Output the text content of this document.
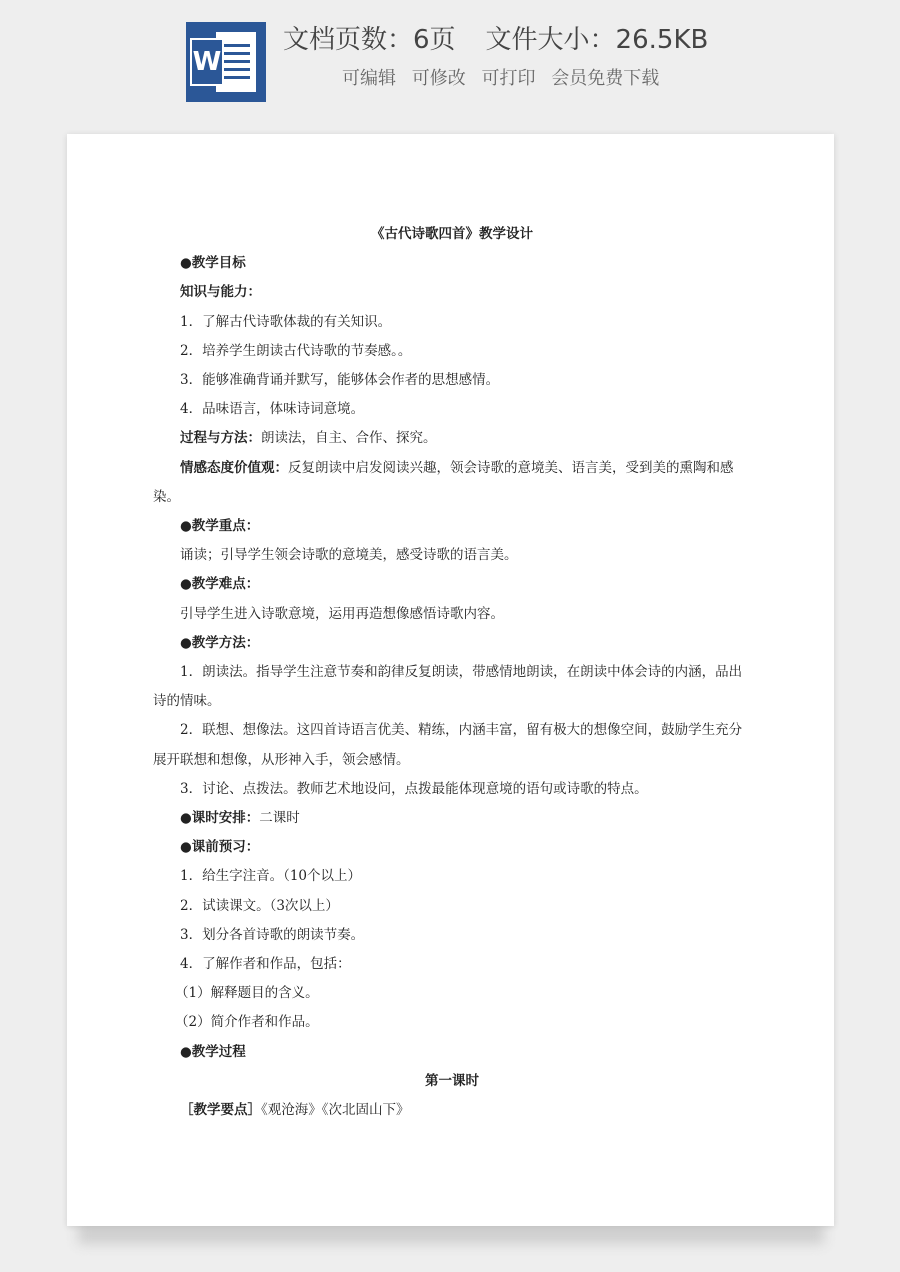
W
文档页数：6页 文件大小：26.5KB
可编辑 可修改 可打印 会员免费下载

《古代诗歌四首》教学设计

●教学目标

知识与能力：

1．了解古代诗歌体裁的有关知识。

2．培养学生朗读古代诗歌的节奏感。。

3．能够准确背诵并默写，能够体会作者的思想感情。

4．品味语言，体味诗词意境。

过程与方法：朗读法，自主、合作、探究。

情感态度价值观：反复朗读中启发阅读兴趣，领会诗歌的意境美、语言美，受到美的熏陶和感染。

●教学重点：

诵读；引导学生领会诗歌的意境美，感受诗歌的语言美。

●教学难点：

引导学生进入诗歌意境，运用再造想像感悟诗歌内容。

●教学方法：

1．朗读法。指导学生注意节奏和韵律反复朗读，带感情地朗读，在朗读中体会诗的内涵，品出诗的情味。

2．联想、想像法。这四首诗语言优美、精练，内涵丰富，留有极大的想像空间，鼓励学生充分展开联想和想像，从形神入手，领会感情。

3．讨论、点拨法。教师艺术地设问，点拨最能体现意境的语句或诗歌的特点。

●课时安排：二课时

●课前预习：

1．给生字注音。（10个以上）

2．试读课文。（3次以上）

3．划分各首诗歌的朗读节奏。

4．了解作者和作品，包括：

（1）解释题目的含义。

（2）简介作者和作品。

●教学过程

第一课时

［教学要点］《观沧海》《次北固山下》
